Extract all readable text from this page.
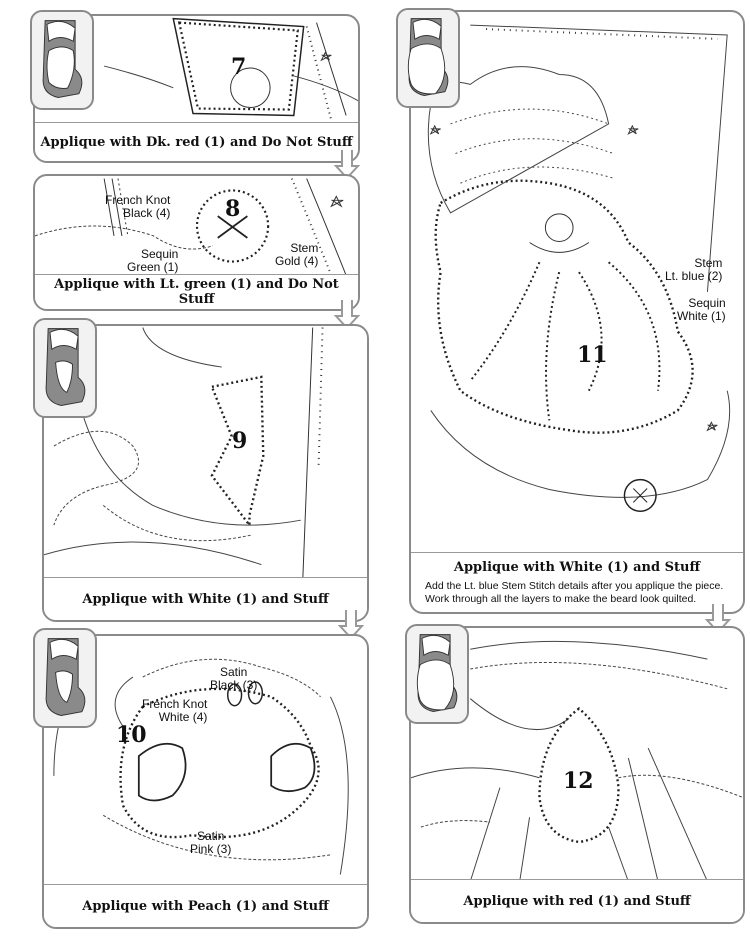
7
Applique with Dk. red (1) and Do Not Stuff
8
French Knot
Black (4)
Sequin
Green (1)
Stem
Gold (4)
Applique with Lt. green (1) and Do Not Stuff
9
Applique with White (1) and Stuff
10
Satin
Black (3)
French Knot
White (4)
Satin
Pink (3)
Applique with Peach (1) and Stuff
11
Stem
Lt. blue (2)
Sequin
White (1)
Applique with White (1) and Stuff
Add the Lt. blue Stem Stitch details after you applique the piece.
Work through all the layers to make the beard look quilted.
12
Applique with red (1) and Stuff
